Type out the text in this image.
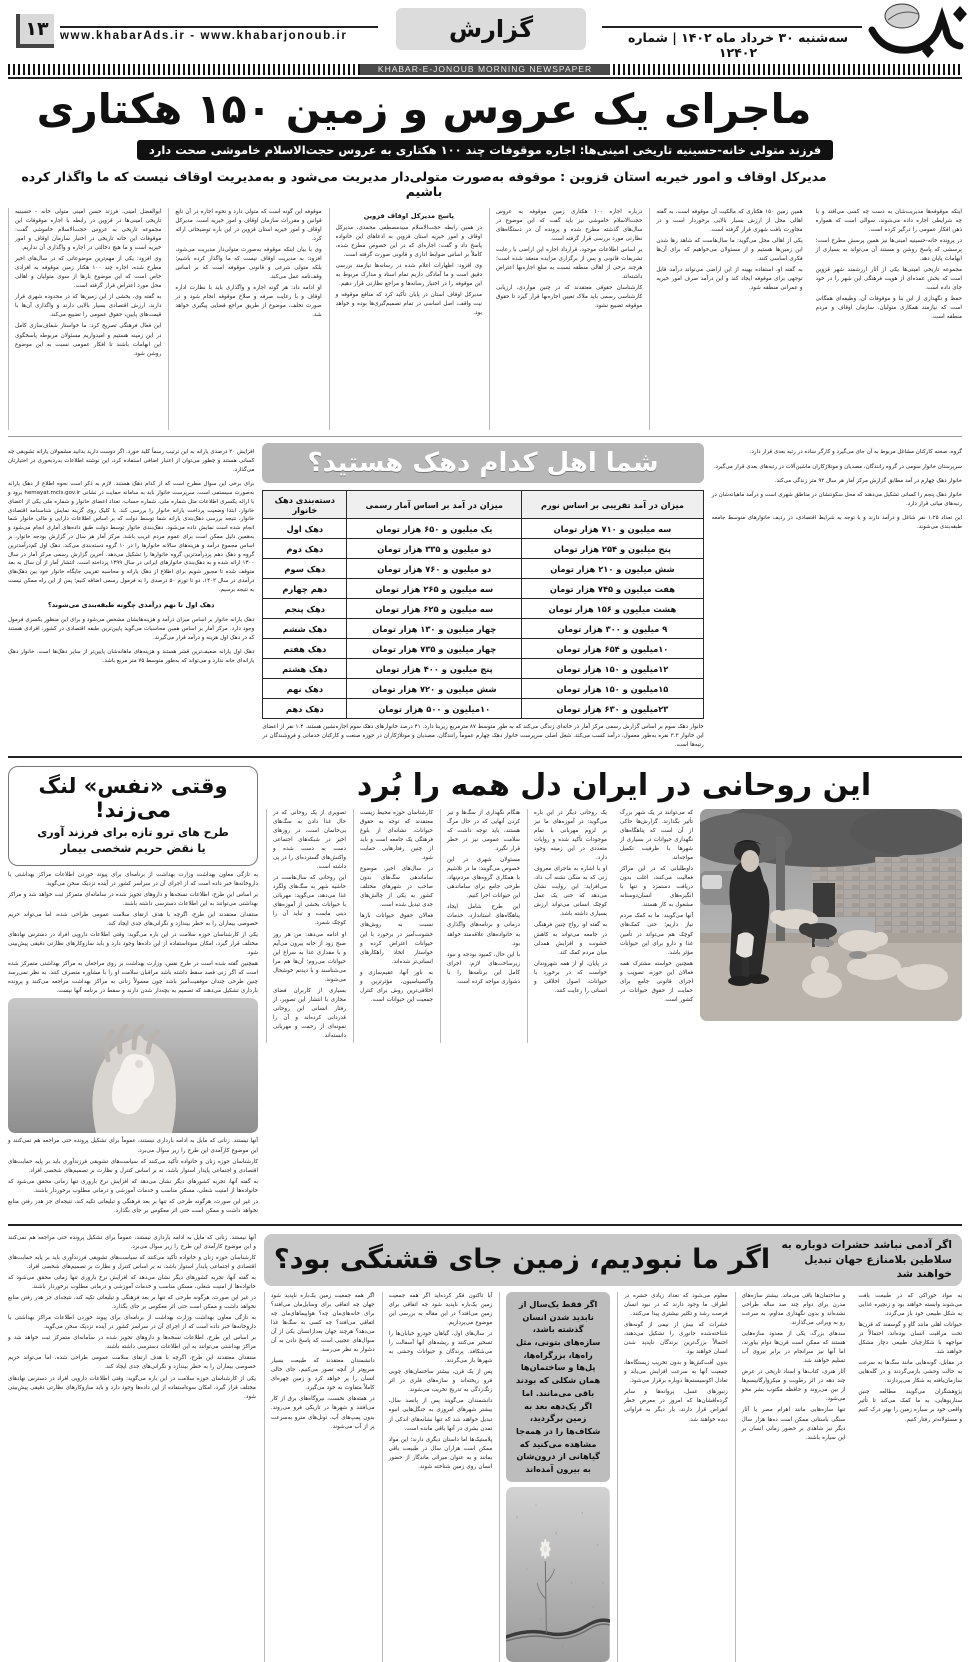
۱۳ www.khabarAds.ir - www.khabarjonoub.ir	گزارش	سه‌شنبه ۳۰ خرداد ماه ۱۴۰۲ | شماره ۱۲۴۰۲
جنوب
KHABAR-E-JONOUB MORNING NEWSPAPER
ماجرای یک عروس و زمین ۱۵۰ هکتاری
فرزند متولی خانه-حسینیه تاریخی امینی‌ها: اجاره موقوفات چند ۱۰۰ هکتاری به عروس حجت‌الاسلام خاموشی صحت دارد
مدیرکل اوقاف و امور خیریه استان قزوین : موقوفه به‌صورت متولی‌دار مدیریت می‌شود و به‌مدیریت اوقاف نیست که ما واگذار کرده باشیم

ابوالفضل امینی، فرزند حسن امینی متولی خانه - حسینیه تاریخی امینی‌ها در قزوین در رابطه با اجاره موقوفات این مجموعه تاریخی به عروس حجت‌الاسلام خاموشی گفت: موقوفات این خانه تاریخی در اختیار سازمان اوقاف و امور خیریه است و ما هیچ دخالتی در اجاره و واگذاری آن نداریم.

وی افزود: یکی از مهم‌ترین موضوعاتی که در سال‌های اخیر مطرح شده، اجاره چند ۱۰۰ هکتار زمین موقوفه به افرادی خاص است که این موضوع بارها از سوی متولیان و اهالی محل مورد اعتراض قرار گرفته است.

به گفته وی، بخشی از این زمین‌ها که در محدوده شهری قرار دارند، ارزش اقتصادی بسیار بالایی دارند و واگذاری آن‌ها با قیمت‌های پایین، حقوق عمومی را تضییع می‌کند.

این فعال فرهنگی تصریح کرد: ما خواستار شفاف‌سازی کامل در این زمینه هستیم و امیدواریم مسئولان مربوطه پاسخگوی این ابهامات باشند تا افکار عمومی نسبت به این موضوع روشن شود.

موقوفه این گونه است که متولی دارد و نحوه اجاره در آن تابع قوانین و مقررات سازمان اوقاف و امور خیریه است. مدیرکل اوقاف و امور خیریه استان قزوین در این باره توضیحاتی ارائه کرد.

وی با بیان اینکه موقوفه به‌صورت متولی‌دار مدیریت می‌شود، افزود: به مدیریت اوقاف نیست که ما واگذار کرده باشیم؛ بلکه متولی شرعی و قانونی موقوفه است که بر اساس وقف‌نامه عمل می‌کند.

او ادامه داد: هر گونه اجاره و واگذاری باید با نظارت اداره اوقاف و با رعایت صرفه و صلاح موقوفه انجام شود و در صورت تخلف، موضوع از طریق مراجع قضایی پیگیری خواهد شد.

پاسخ مدیرکل اوقاف قزوین

در همین رابطه حجت‌الاسلام سیدمصطفی محمدی، مدیرکل اوقاف و امور خیریه استان قزوین به ادعاهای این خانواده پاسخ داد و گفت: اجاره‌ای که در این خصوص مطرح شده، کاملاً بر اساس ضوابط اداری و قانونی صورت گرفته است.

وی افزود: اظهارات اعلام شده در رسانه‌ها نیازمند بررسی دقیق است و ما آمادگی داریم تمام اسناد و مدارک مربوط به این موقوفه را در اختیار رسانه‌ها و مراجع نظارتی قرار دهیم.

مدیرکل اوقاف استان در پایان تأکید کرد که منافع موقوفه و نیت واقف، اصل اساسی در تمام تصمیم‌گیری‌ها بوده و خواهد بود.

درباره اجاره ۱۰۰ هکتاری زمین موقوفه به عروس حجت‌الاسلام خاموشی نیز باید گفت که این موضوع در سال‌های گذشته مطرح شده و پرونده آن در دستگاه‌های نظارتی مورد بررسی قرار گرفته است.

بر اساس اطلاعات موجود، قرارداد اجاره این اراضی با رعایت تشریفات قانونی و پس از برگزاری مزایده منعقد شده است؛ هرچند برخی از اهالی منطقه نسبت به مبلغ اجاره‌بها اعتراض داشته‌اند.

کارشناسان حقوقی معتقدند که در چنین مواردی، ارزیابی کارشناسی رسمی باید ملاک تعیین اجاره‌بها قرار گیرد تا حقوق موقوفه تضییع نشود.

همین زمین ۱۵۰ هکتاری که مالکیت آن موقوفه است، به گفته اهالی محل از ارزش بسیار بالایی برخوردار است و در مجاورت بافت شهری قرار گرفته است.

یکی از اهالی محل می‌گوید: ما سال‌هاست که شاهد رها شدن این زمین‌ها هستیم و از مسئولان می‌خواهیم که برای آن‌ها فکری اساسی کنند.

به گفته او، استفاده بهینه از این اراضی می‌تواند درآمد قابل توجهی برای موقوفه ایجاد کند و این درآمد صرف امور خیریه و عمرانی منطقه شود.

اینکه موقوفه‌ها مدیریت‌شان به دست چه کسی می‌افتد و با چه شرایطی اجاره داده می‌شوند، سوالی است که همواره ذهن افکار عمومی را درگیر کرده است.

در پرونده خانه-حسینیه امینی‌ها نیز همین پرسش مطرح است؛ پرسشی که پاسخ روشن و مستند آن می‌تواند به بسیاری از ابهامات پایان دهد.

مجموعه تاریخی امینی‌ها یکی از آثار ارزشمند شهر قزوین است که بخش عمده‌ای از هویت فرهنگی این شهر را در خود جای داده است.

حفظ و نگهداری از این بنا و موقوفات آن، وظیفه‌ای همگانی است که نیازمند همکاری متولیان، سازمان اوقاف و مردم منطقه است.

افزایش ۲۰ درصدی یارانه به این ترتیب رسماً کلید خورد. اگر دوست دارید بدانید مشمولان یارانه تشویقی چه کسانی هستند و چطور می‌توان از اعتبار اضافی استفاده کرد، این نوشته اطلاعات بدردبخوری در اختیارتان می‌گذارد.

برای برخی این سوال مطرح است که از کدام دهک هستند. لازم به ذکر است نحوه اطلاع از دهک یارانه به‌صورت سیستمی است. سرپرست خانوار باید به سامانه حمایت در نشانی hemayat.mcls.gov.ir برود و با ارائه یکسری اطلاعات مثل شماره ملی، شماره حساب، تعداد اعضای خانوار و شماره ملی یکی از اعضای خانوار، ابتدا وضعیت پرداخت یارانه خانوار را بررسی کند. با کلیک روی گزینه نمایش شناسنامه اقتصادی خانوار، نتیجه بررسی دهک‌بندی یارانه شما توسط دولت که بر اساس اطلاعات دارایی و مالی خانوار شما انجام شده است نمایش داده می‌شود. دهک‌بندی خانوار توسط دولت طبق داده‌های آماری انجام می‌شود و به‌همین دلیل ممکن است برای عموم مردم غریب باشد. مرکز آمار هر سال در گزارش بودجه خانوار، بر اساس مجموع درآمد و هزینه‌های سالانه خانوارها را در ۱۰ گروه دسته‌بندی می‌کند. دهک اول کم‌درآمدترین گروه و دهک دهم پردرآمدترین گروه خانوارها را تشکیل می‌دهد. آخرین گزارش رسمی مرکز آمار در سال ۱۳۰۰ ارائه شده و به دهک‌بندی خانوارهای ایرانی در سال ۱۳۹۹ پرداخته است. انتشار آمار از آن سال به بعد متوقف شده تا مجبور شویم برای اطلاع از دهک یارانه و محاسبه تقریبی جایگاه خانوار خود بین دهک‌های درآمدی در سال ۱۴۰۲، دو تا تورم ۵۰ درصدی را به فرمول رسمی اضافه کنیم؛ پس از این راه ممکن نیست به نتیجه برسیم.

دهک اول تا نهم درآمدی چگونه طبقه‌بندی می‌شوند؟

دهک یارانه خانوار بر اساس میزان درآمد و هزینه‌هایشان مشخص می‌شود و برای این منظور یکسری فرمول وجود دارد. مرکز آمار بر اساس همین محاسبات می‌گوید پایین‌ترین طبقه اقتصادی در کشور، افرادی هستند که در دهک اول هزینه و درآمد قرار می‌گیرند.

دهک اول یارانه ضعیف‌ترین قشر هستند و هزینه‌های ماهانه‌شان پایین‌تر از سایر دهک‌ها است. خانوار دهک یارانه‌ای خانه ندارد و می‌تواند که به‌طور متوسط ۷۵ متر مربع باشد.

شما اهل کدام دهک هستید؟
میزان در آمد تقریبی بر اساس نورم	میزان در آمد بر اساس آمار رسمی	دسته‌بندی دهک خانوار
سه میلیون و ۷۱۰ هزار تومان	یک میلیون و ۶۵۰ هزار تومان	دهک اول
پنج میلیون و ۲۵۴ هزار تومان	دو میلیون و ۳۳۵ هزار تومان	دهک دوم
شش میلیون و ۲۱۰ هزار تومان	دو میلیون و ۷۶۰ هزار تومان	دهک سوم
هفت میلیون و ۷۴۵ هزار تومان	سه میلیون و ۲۶۵ هزار تومان	دهم چهارم
هشت میلیون و ۱۵۶ هزار تومان	سه میلیون و ۶۲۵ هزار تومان	دهک پنجم
۹ میلیون و ۳۰۰ هزار تومان	چهار میلیون و ۱۳۰ هزار تومان	دهک ششم
۱۰میلیون و ۶۵۴ هزار تومان	چهار میلیون و ۷۳۵ هزار تومان	دهک هفتم
۱۲میلیون و ۱۵۰ هزار تومان	پنج میلیون و ۴۰۰ هزار تومان	دهک هشتم
۱۵میلیون و ۱۵۰ هزار تومان	شش میلیون و ۷۲۰ هزار تومان	دهک نهم
۲۳میلیون و ۶۳۰ هزار تومان	۱۰میلیون و ۵۰۰ هزار تومان	دهک دهم
خانوار دهک سوم بر اساس گزارش رسمی مرکز آمار در خانه‌ای زندگی می‌کند که به طور متوسط ۸۷ مترمربع زیربنا دارد. ۴۱ درصد خانوارهای دهک سوم اجاره‌نشین هستند. ۱.۴ نفر از اعضای این خانوار ۳.۳ نفره به‌طور معمول، درآمد کسب می‌کند. شغل اصلی سرپرست خانوار دهک چهارم عموماً رانندگان، مصدیان و موتلاژکاران در حوزه صنعت و کارکنان خدماتی و فروشندگان در رتبه‌ها است.

گروه، صحنه کارکنان مشاغل مربوط به آن جای می‌گیرد و کارگر ساده در رتبه بعدی قرار دارد.

سرپرستان خانوار سومی در گروه رانندگان، مصدیان و موتلاژکاران ماشین‌آلات در رتبه‌های بعدی قرار می‌گیرد.

خانوار دهک چهارم در آمد مطابق گزارش مرکز آمار هر سال ۹۲ متر زندگی می‌کند.

خانوار دهک پنجم را کسانی تشکیل می‌دهند که محل سکونتشان در مناطق شهری است و درآمد ماهیانه‌شان در رتبه‌های میانی قرار دارد.

این تعداد ۱.۲۵ نفر شاغل و درآمد دارند و با توجه به شرایط اقتصادی، در ردیف خانوارهای متوسط جامعه طبقه‌بندی می‌شوند.

وقتی «نفس» لنگ می‌زند!
طرح های ترو تازه برای فرزند آوری
یا نقض حریم شخصی بیمار

به تازگی معاون بهداشت وزارت بهداشت از برنامه‌ای برای پیوند خوردن اطلاعات مراکز بهداشتی با داروخانه‌ها خبر داده است که از اجرای آن در سراسر کشور در آینده نزدیک سخن می‌گوید.

بر اساس این طرح، اطلاعات نسخه‌ها و داروهای تجویز شده در سامانه‌ای متمرکز ثبت خواهد شد و مراکز بهداشتی می‌توانند به این اطلاعات دسترسی داشته باشند.

منتقدان معتقدند این طرح، اگرچه با هدف ارتقای سلامت عمومی طراحی شده، اما می‌تواند حریم خصوصی بیماران را به خطر بیندازد و نگرانی‌های جدی ایجاد کند.

یکی از کارشناسان حوزه سلامت در این باره می‌گوید: وقتی اطلاعات دارویی افراد در دسترس نهادهای مختلف قرار گیرد، امکان سوءاستفاده از این داده‌ها وجود دارد و باید سازوکارهای نظارتی دقیقی پیش‌بینی شود.

همچنین گفته شده است در طرح نفس، وزارت بهداشت بر روی مراجعان به مراکز بهداشتی متمرکز شده است که اگر زنی قصد سقط داشته باشد مراقبان سلامت او را با مشاوره منصرف کنند. به نظر نمی‌رسد چنین طرحی چندان موفقیت‌آمیز باشد چون معمولاً زنانی به مراکز بهداشت مراجعه می‌کنند و پرونده بارداری تشکیل می‌دهند که تصمیم به بچه‌دار شدن دارند و سقط در برنامه آنها نیست.

آنها نیستند. زنانی که مایل به ادامه بارداری نیستند، عموماً برای تشکیل پرونده حتی مراجعه هم نمی‌کنند و این موضوع کارآمدی این طرح را زیر سوال می‌برد.

کارشناسان حوزه زنان و خانواده تأکید می‌کنند که سیاست‌های تشویقی فرزندآوری باید بر پایه حمایت‌های اقتصادی و اجتماعی پایدار استوار باشد، نه بر اساس کنترل و نظارت بر تصمیم‌های شخصی افراد.

به گفته آنها، تجربه کشورهای دیگر نشان می‌دهد که افزایش نرخ باروری تنها زمانی محقق می‌شود که خانواده‌ها از امنیت شغلی، مسکن مناسب و خدمات آموزشی و درمانی مطلوب برخوردار باشند.

در غیر این صورت، هرگونه طرحی که تنها بر بعد فرهنگی و تبلیغاتی تکیه کند، نتیجه‌ای جز هدر رفتن منابع نخواهد داشت و ممکن است حتی اثر معکوس بر جای بگذارد.

این روحانی در ایران دل همه را بُرد

تصویری از یک روحانی که در حال غذا دادن به سگ‌های بی‌خانمان است، در روزهای اخیر در شبکه‌های اجتماعی دست به دست شده و واکنش‌های گسترده‌ای را در پی داشته است.

این روحانی که سال‌هاست در حاشیه شهر به سگ‌های ولگرد غذا می‌دهد، می‌گوید: مهربانی با حیوانات بخشی از آموزه‌های دینی ماست و نباید آن را کوچک شمرد.

او ادامه می‌دهد: من هر روز صبح زود از خانه بیرون می‌آیم و با مقداری غذا به سراغ این حیوانات می‌روم؛ آن‌ها هم مرا می‌شناسند و با دیدنم خوشحال می‌شوند.

بسیاری از کاربران فضای مجازی با انتشار این تصویر، از رفتار انسانی این روحانی قدردانی کرده‌اند و آن را نمونه‌ای از رحمت و مهربانی دانسته‌اند.

کارشناسان حوزه محیط زیست معتقدند که توجه به حقوق حیوانات، نشانه‌ای از بلوغ فرهنگی یک جامعه است و باید از چنین رفتارهایی حمایت شود.

در سال‌های اخیر، موضوع ساماندهی سگ‌های بدون صاحب در شهرهای مختلف کشور به یکی از چالش‌های جدی تبدیل شده است.

فعالان حقوق حیوانات بارها نسبت به روش‌های خشونت‌آمیز در برخورد با این حیوانات اعتراض کرده و خواستار اتخاذ راهکارهای انسانی‌تر شده‌اند.

به باور آنها، عقیم‌سازی و واکسیناسیون، مؤثرترین و اخلاقی‌ترین روش برای کنترل جمعیت این حیوانات است.

هنگام نگهداری از سگ‌ها و نیز کردن آنهایی که در حال مرگ هستند، باید توجه داشت که سلامت عمومی نیز در خطر قرار نگیرد.

مسئولان شهری در این خصوص می‌گویند: ما در تلاشیم با همکاری گروه‌های مردم‌نهاد، طرحی جامع برای ساماندهی این حیوانات اجرا کنیم.

این طرح شامل ایجاد پناهگاه‌های استاندارد، خدمات درمانی و برنامه‌های واگذاری به خانواده‌های علاقه‌مند خواهد بود.

با این حال، کمبود بودجه و نبود زیرساخت‌های لازم، اجرای کامل این برنامه‌ها را با دشواری مواجه کرده است.

یک روحانی دیگر در این باره می‌گوید: در آموزه‌های ما نیز بر لزوم مهربانی با تمام موجودات تأکید شده و روایات متعددی در این زمینه وجود دارد.

او با اشاره به ماجرای معروف زنی که به سگی تشنه آب داد، می‌افزاید: این روایت نشان می‌دهد که حتی یک عمل کوچک انسانی می‌تواند ارزش بسیاری داشته باشد.

به گفته او، رواج چنین فرهنگی در جامعه می‌تواند به کاهش خشونت و افزایش همدلی میان مردم کمک کند.

در پایان، او از همه شهروندان خواست که در برخورد با حیوانات، اصول اخلاقی و انسانی را رعایت کنند.

که می‌توانند در یک شهر بزرگ تأثیر بگذارند. گزارش‌ها حاکی از آن است که پناهگاه‌های نگهداری حیوانات در بسیاری از شهرها با ظرفیت تکمیل مواجه‌اند.

داوطلبانی که در این مراکز فعالیت می‌کنند، اغلب بدون دریافت دستمزد و تنها با انگیزه‌های انسان‌دوستانه مشغول به کار هستند.

آنها می‌گویند: ما به کمک مردم نیاز داریم؛ حتی کمک‌های کوچک هم می‌تواند در تأمین غذا و دارو برای این حیوانات مؤثر باشد.

همچنین خواسته مشترک همه فعالان این حوزه، تصویب و اجرای قانونی جامع برای حمایت از حقوق حیوانات در کشور است.

آنها نیستند. زنانی که مایل به ادامه بارداری نیستند، عموماً برای تشکیل پرونده حتی مراجعه هم نمی‌کنند و این موضوع کارآمدی این طرح را زیر سوال می‌برد.

کارشناسان حوزه زنان و خانواده تأکید می‌کنند که سیاست‌های تشویقی فرزندآوری باید بر پایه حمایت‌های اقتصادی و اجتماعی پایدار استوار باشد، نه بر اساس کنترل و نظارت بر تصمیم‌های شخصی افراد.

به گفته آنها، تجربه کشورهای دیگر نشان می‌دهد که افزایش نرخ باروری تنها زمانی محقق می‌شود که خانواده‌ها از امنیت شغلی، مسکن مناسب و خدمات آموزشی و درمانی مطلوب برخوردار باشند.

در غیر این صورت، هرگونه طرحی که تنها بر بعد فرهنگی و تبلیغاتی تکیه کند، نتیجه‌ای جز هدر رفتن منابع نخواهد داشت و ممکن است حتی اثر معکوس بر جای بگذارد.

به تازگی معاون بهداشت وزارت بهداشت از برنامه‌ای برای پیوند خوردن اطلاعات مراکز بهداشتی با داروخانه‌ها خبر داده است که از اجرای آن در سراسر کشور در آینده نزدیک سخن می‌گوید.

بر اساس این طرح، اطلاعات نسخه‌ها و داروهای تجویز شده در سامانه‌ای متمرکز ثبت خواهد شد و مراکز بهداشتی می‌توانند به این اطلاعات دسترسی داشته باشند.

منتقدان معتقدند این طرح، اگرچه با هدف ارتقای سلامت عمومی طراحی شده، اما می‌تواند حریم خصوصی بیماران را به خطر بیندازد و نگرانی‌های جدی ایجاد کند.

یکی از کارشناسان حوزه سلامت در این باره می‌گوید: وقتی اطلاعات دارویی افراد در دسترس نهادهای مختلف قرار گیرد، امکان سوءاستفاده از این داده‌ها وجود دارد و باید سازوکارهای نظارتی دقیقی پیش‌بینی شود.

اگر ما نبودیم، زمین جای قشنگی بود؟ اگر آدمی نباشد حشرات دوباره به
سلاطین بلامنازع جهان تبدیل خواهند شد

اگر همه جمعیت زمین یک‌باره ناپدید شود جهان چه اتفاقی برای وسایل‌مان می‌افتد؟ برای خانه‌های‌مان چه؟ هواپیماهای‌مان چه اتفاقی می‌افتد؟ چه کسی به سگ‌ها غذا می‌دهد؟ هرچند جهان بعدازانسان یکی از آن سوال‌های عجیبی است که پاسخ دادن به آن دشوار به نظر می‌رسد.

دانشمندان معتقدند که طبیعت بسیار سریع‌تر از آنچه تصور می‌کنیم، جای خالی انسان را پر خواهد کرد و زمین چهره‌ای کاملاً متفاوت به خود می‌گیرد.

در هفته‌های نخست، نیروگاه‌های برق از کار می‌افتند و شهرها در تاریکی فرو می‌روند. بدون پمپ‌های آب، تونل‌های مترو به‌سرعت پر از آب می‌شوند.

آیا تاکنون فکر کرده‌اید اگر همه جمعیت زمین یک‌باره ناپدید شود چه اتفاقی برای زمین می‌افتد؟ در این مقاله به بررسی این موضوع می‌پردازیم.

در سال‌های اول، گیاهان خودرو خیابان‌ها را تسخیر می‌کنند و ریشه‌های آنها آسفالت را می‌شکافد. پرندگان و حیوانات وحشی به شهرها باز می‌گردند.

پس از یک قرن، بیشتر ساختمان‌های چوبی فرو ریخته‌اند و سازه‌های فلزی در اثر زنگ‌زدگی به تدریج تخریب می‌شوند.

دانشمندان می‌گویند پس از پانصد سال، بیشتر شهرهای امروزی به جنگل‌هایی انبوه تبدیل خواهند شد که تنها نشانه‌های اندکی از تمدن بشری در آنها باقی مانده است.

پلاستیک‌ها اما داستان دیگری دارند؛ این مواد ممکن است هزاران سال در طبیعت باقی بمانند و به عنوان میراثی ماندگار از حضور انسان روی زمین شناخته شوند.

اگر فقط یک‌سال از نابدید شدن انسان گذشته باشد، سازه‌های بتونی، مثل راه‌ها، بزرگراه‌ها، پل‌ها و ساختمان‌ها همان شکلی که بودند باقی می‌مانند. اما اگر یک‌دهه بعد به زمین برگردید، شکاف‌ها را در همه‌جا مشاهده می‌کنید که گیاهانی از درون‌شان به بیرون آمده‌اند

معلوم می‌شود که تعداد زیادی حشره در اطراف ما وجود دارند که در نبود انسان فرصت رشد و تکثیر بیشتری پیدا می‌کنند.

حشرات که بیش از نیمی از گونه‌های شناخته‌شده جانوری را تشکیل می‌دهند، احتمالاً بزرگ‌ترین برندگان ناپدید شدن انسان خواهند بود.

بدون آفت‌کش‌ها و بدون تخریب زیستگاه‌ها، جمعیت آنها به سرعت افزایش می‌یابد و تعادل اکوسیستم‌ها دوباره برقرار می‌شود.

زنبورهای عسل، پروانه‌ها و سایر گرده‌افشان‌ها که امروز در معرض خطر انقراض قرار دارند، بار دیگر به فراوانی دیده خواهند شد.

و ساختمان‌ها باقی می‌ماند. بیشتر سازه‌های مدرن برای دوام چند صد ساله طراحی نشده‌اند و بدون نگهداری مداوم، به سرعت رو به ویرانی می‌گذارند.

سدهای بزرگ، یکی از معدود سازه‌هایی هستند که ممکن است قرن‌ها دوام بیاورند، اما آنها نیز سرانجام در برابر نیروی آب تسلیم خواهند شد.

آثار هنری، کتاب‌ها و اسناد تاریخی در عرض چند دهه در اثر رطوبت و میکروارگانیسم‌ها از بین می‌روند و حافظه مکتوب بشر محو می‌شود.

تنها سازه‌هایی مانند اهرام مصر یا آثار سنگی باستانی ممکن است ده‌ها هزار سال دیگر نیز شاهدی بر حضور زمانی انسان بر این سیاره باشند.

به مواد خوراکی که در طبیعت یافت می‌شوند وابسته خواهند بود و زنجیره غذایی به شکل طبیعی خود باز می‌گردد.

حیوانات اهلی مانند گاو و گوسفند که قرن‌ها تحت مراقبت انسان بوده‌اند، احتمالاً در مواجهه با شکارچیان طبیعی دچار مشکل خواهند شد.

در مقابل، گونه‌هایی مانند سگ‌ها به سرعت به حالت وحشی بازمی‌گردند و در گله‌هایی سازمان‌یافته به شکار می‌پردازند.

پژوهشگران می‌گویند مطالعه چنین سناریوهایی، به ما کمک می‌کند تا تأثیر واقعی خود بر سیاره زمین را بهتر درک کنیم و مسئولانه‌تر رفتار کنیم.
